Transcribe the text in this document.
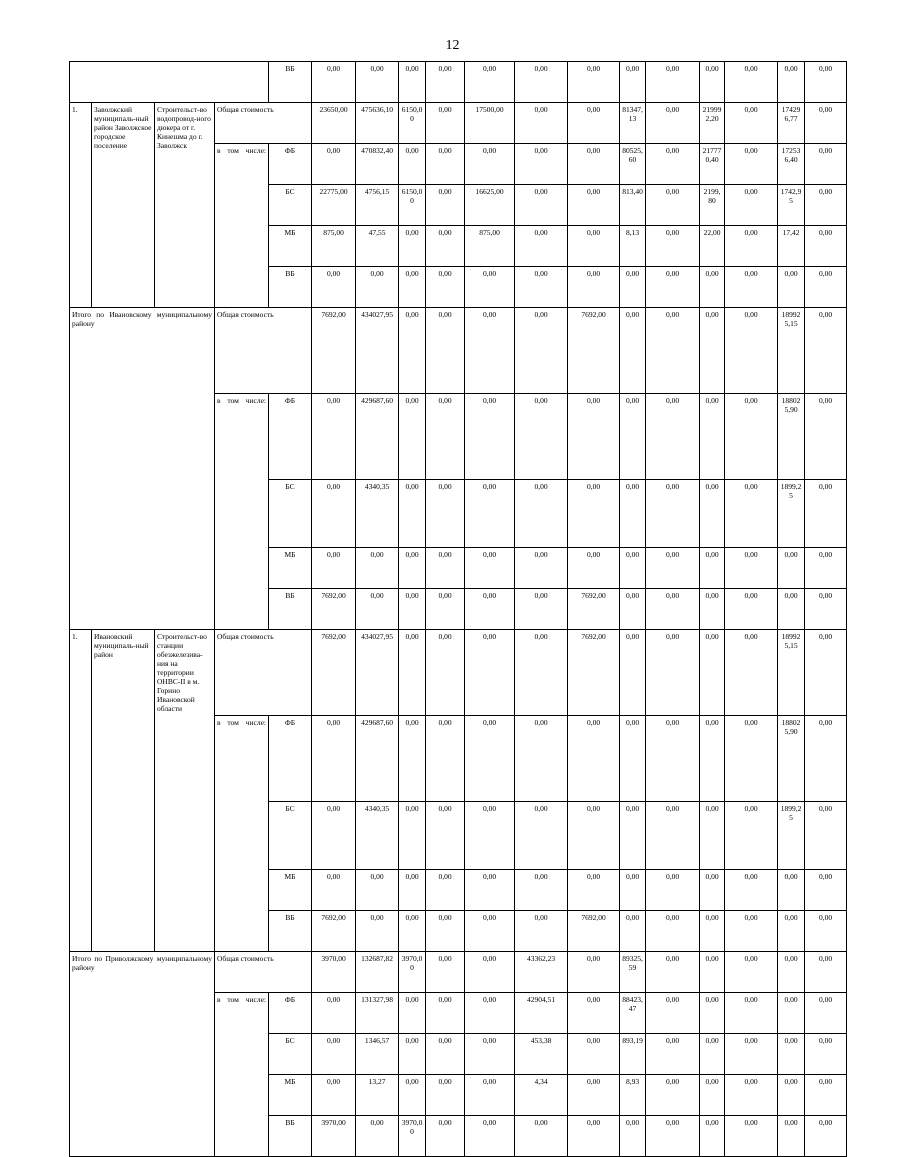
12
				ВБ	0,00	0,00	0,00	0,00	0,00	0,00	0,00	0,00	0,00	0,00	0,00	0,00	0,00	
1.	Заволжский муниципаль-ный район Заволжское городское поселение	Строительст-во водопровод-ного дюкера от г. Кинешма до г. Заволжск	Общая стоимость		23650,00	475636,10	6150,00	0,00	17500,00	0,00	0,00	81347,13	0,00	219992,20	0,00	174296,77	0,00	
			в том числе:	ФБ	0,00	470832,40	0,00	0,00	0,00	0,00	0,00	80525,60	0,00	217770,40	0,00	172536,40	0,00	
				БС	22775,00	4756,15	6150,00	0,00	16625,00	0,00	0,00	813,40	0,00	2199,80	0,00	1742,95	0,00	
				МБ	875,00	47,55	0,00	0,00	875,00	0,00	0,00	8,13	0,00	22,00	0,00	17,42	0,00	
				ВБ	0,00	0,00	0,00	0,00	0,00	0,00	0,00	0,00	0,00	0,00	0,00	0,00	0,00	
Итого по Ивановскому муниципальному району			Общая стоимость		7692,00	434027,95	0,00	0,00	0,00	0,00	7692,00	0,00	0,00	0,00	0,00	189925,15	0,00	
			в том числе:	ФБ	0,00	429687,60	0,00	0,00	0,00	0,00	0,00	0,00	0,00	0,00	0,00	188025,90	0,00	
				БС	0,00	4340,35	0,00	0,00	0,00	0,00	0,00	0,00	0,00	0,00	0,00	1899,25	0,00	
				МБ	0,00	0,00	0,00	0,00	0,00	0,00	0,00	0,00	0,00	0,00	0,00	0,00	0,00	
				ВБ	7692,00	0,00	0,00	0,00	0,00	0,00	7692,00	0,00	0,00	0,00	0,00	0,00	0,00	
1.	Ивановский муниципаль-ный район	Строительст-во станции обезжелезива-ния на территории ОНВС-II в м. Горино Ивановской области	Общая стоимость		7692,00	434027,95	0,00	0,00	0,00	0,00	7692,00	0,00	0,00	0,00	0,00	189925,15	0,00	
			в том числе:	ФБ	0,00	429687,60	0,00	0,00	0,00	0,00	0,00	0,00	0,00	0,00	0,00	188025,90	0,00	
				БС	0,00	4340,35	0,00	0,00	0,00	0,00	0,00	0,00	0,00	0,00	0,00	1899,25	0,00	
				МБ	0,00	0,00	0,00	0,00	0,00	0,00	0,00	0,00	0,00	0,00	0,00	0,00	0,00	
				ВБ	7692,00	0,00	0,00	0,00	0,00	0,00	7692,00	0,00	0,00	0,00	0,00	0,00	0,00	
Итого по Приволжскому муниципальному району			Общая стоимость		3970,00	132687,82	3970,00	0,00	0,00	43362,23	0,00	89325,59	0,00	0,00	0,00	0,00	0,00	
			в том числе:	ФБ	0,00	131327,98	0,00	0,00	0,00	42904,51	0,00	88423,47	0,00	0,00	0,00	0,00	0,00	
				БС	0,00	1346,57	0,00	0,00	0,00	453,38	0,00	893,19	0,00	0,00	0,00	0,00	0,00	
				МБ	0,00	13,27	0,00	0,00	0,00	4,34	0,00	8,93	0,00	0,00	0,00	0,00	0,00	
				ВБ	3970,00	0,00	3970,00	0,00	0,00	0,00	0,00	0,00	0,00	0,00	0,00	0,00	0,00	
